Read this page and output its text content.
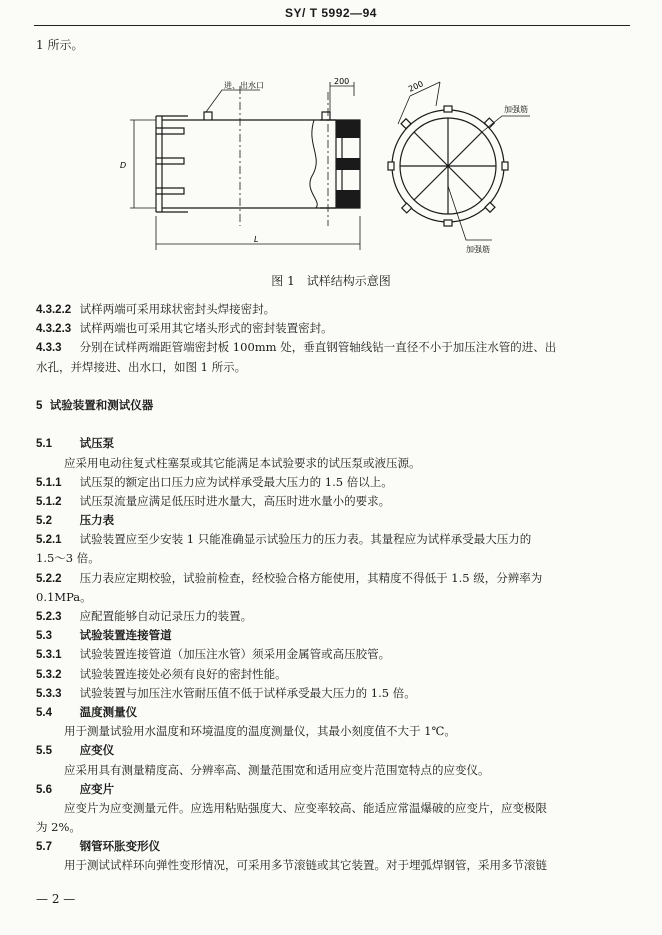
SY/ T 5992—94
1 所示。
进、出水口	200
D
L
200
加强筋
加强筋
图 1　试样结构示意图
4.3.2.2 试样两端可采用球状密封头焊接密封。
4.3.2.3 试样两端也可采用其它堵头形式的密封装置密封。
4.3.3 分别在试样两端距管端密封板 100mm 处，垂直钢管轴线钻一直径不小于加压注水管的进、出
水孔，并焊接进、出水口，如图 1 所示。
5 试验装置和测试仪器
5.1 试压泵
应采用电动往复式柱塞泵或其它能满足本试验要求的试压泵或液压源。
5.1.1 试压泵的额定出口压力应为试样承受最大压力的 1.5 倍以上。
5.1.2 试压泵流量应满足低压时进水量大，高压时进水量小的要求。
5.2 压力表
5.2.1 试验装置应至少安装 1 只能准确显示试验压力的压力表。其量程应为试样承受最大压力的
1.5～3 倍。
5.2.2 压力表应定期校验，试验前检查，经校验合格方能使用，其精度不得低于 1.5 级，分辨率为
0.1MPa。
5.2.3 应配置能够自动记录压力的装置。
5.3 试验装置连接管道
5.3.1 试验装置连接管道（加压注水管）须采用金属管或高压胶管。
5.3.2 试验装置连接处必须有良好的密封性能。
5.3.3 试验装置与加压注水管耐压值不低于试样承受最大压力的 1.5 倍。
5.4 温度测量仪
用于测量试验用水温度和环境温度的温度测量仪，其最小刻度值不大于 1℃。
5.5 应变仪
应采用具有测量精度高、分辨率高、测量范围宽和适用应变片范围宽特点的应变仪。
5.6 应变片
应变片为应变测量元件。应选用粘贴强度大、应变率较高、能适应常温爆破的应变片，应变极限
为 2%。
5.7 钢管环胀变形仪
用于测试试样环向弹性变形情况，可采用多节滚链或其它装置。对于埋弧焊钢管，采用多节滚链
— 2 —
